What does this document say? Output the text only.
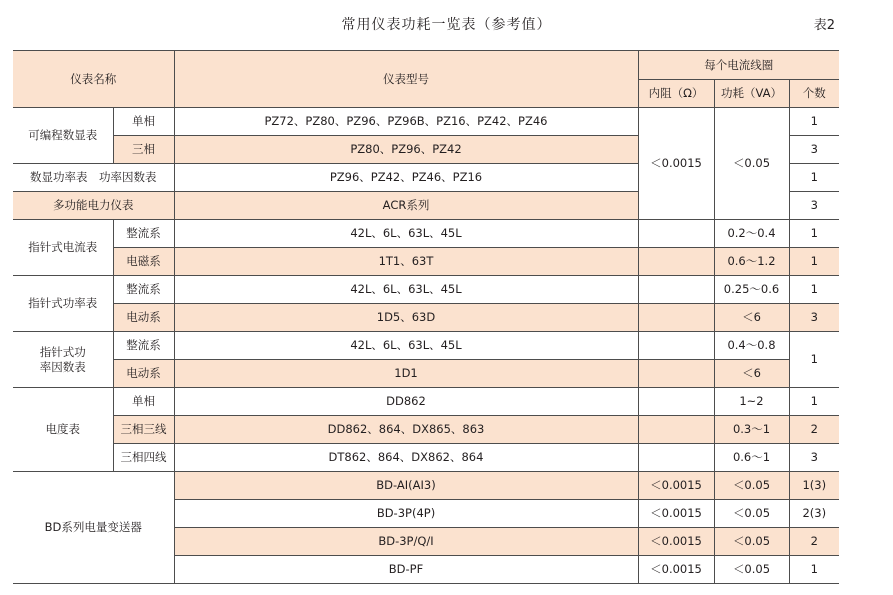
常用仪表功耗一览表（参考值）	表2
仪表名称		仪表型号	每个电流线圈		
			内阻（Ω）	功耗（VA）	个数
可编程数显表	单相	PZ72、PZ80、PZ96、PZ96B、PZ16、PZ42、PZ46	＜0.0015	＜0.05	1
	三相	PZ80、PZ96、PZ42			3
数显功率表　功率因数表		PZ96、PZ42、PZ46、PZ16			1
多功能电力仪表		ACR系列			3
指针式电流表	整流系	42L、6L、63L、45L		0.2～0.4	1
	电磁系	1T1、63T		0.6～1.2	1
指针式功率表	整流系	42L、6L、63L、45L		0.25～0.6	1
	电动系	1D5、63D		＜6	3
指针式功
率因数表	整流系	42L、6L、63L、45L		0.4～0.8	1
	电动系	1D1		＜6	
电度表	单相	DD862		1~2	1
	三相三线	DD862、864、DX865、863		0.3～1	2
	三相四线	DT862、864、DX862、864		0.6～1	3
BD系列电量变送器		BD-AI(AI3)	＜0.0015	＜0.05	1(3)
		BD-3P(4P)	＜0.0015	＜0.05	2(3)
		BD-3P/Q/I	＜0.0015	＜0.05	2
		BD-PF	＜0.0015	＜0.05	1
